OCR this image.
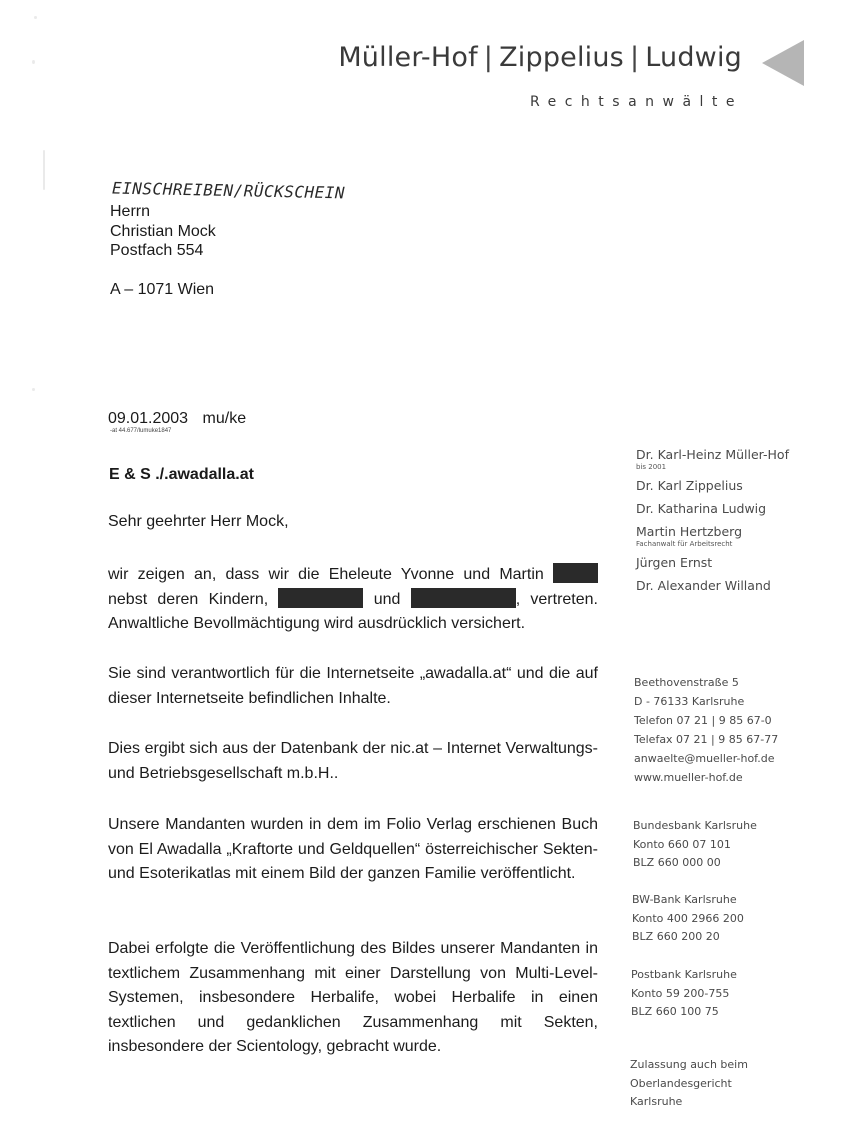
Müller-Hof | Zippelius | Ludwig
Rechtsanwälte
EINSCHREIBEN/RÜCKSCHEIN
Herrn
Christian Mock
Postfach 554
A – 1071 Wien
09.01.2003 mu/ke
-at 44.677/lumuke1847
E & S ./.awadalla.at
Sehr geehrter Herr Mock,

wir zeigen an, dass wir die Eheleute Yvonne und Martin

nebst deren Kindern,	und	, vertreten.

Anwaltliche Bevollmächtigung wird ausdrücklich versichert.

Sie sind verantwortlich für die Internetseite „awadalla.at“ und die auf dieser Internetseite befindlichen Inhalte.

Dies ergibt sich aus der Datenbank der nic.at – Internet Verwaltungs- und Betriebsgesellschaft m.b.H..

Unsere Mandanten wurden in dem im Folio Verlag erschienen Buch von El Awadalla „Kraftorte und Geldquellen“ österreichischer Sekten- und Esoterikatlas mit einem Bild der ganzen Familie veröffentlicht.

Dabei erfolgte die Veröffentlichung des Bildes unserer Mandanten in textlichem Zusammenhang mit einer Darstellung von Multi-Level-Systemen, insbesondere Herbalife, wobei Herbalife in einen textlichen und gedanklichen Zusammenhang mit Sekten, insbesondere der Scientology, gebracht wurde.

Dr. Karl-Heinz Müller-Hof
bis 2001
Dr. Karl Zippelius
Dr. Katharina Ludwig
Martin Hertzberg
Fachanwalt für Arbeitsrecht
Jürgen Ernst
Dr. Alexander Willand
Beethovenstraße 5
D - 76133 Karlsruhe
Telefon 07 21 | 9 85 67-0
Telefax 07 21 | 9 85 67-77
anwaelte@mueller-hof.de
www.mueller-hof.de
Bundesbank Karlsruhe
Konto 660 07 101
BLZ 660 000 00
BW-Bank Karlsruhe
Konto 400 2966 200
BLZ 660 200 20
Postbank Karlsruhe
Konto 59 200-755
BLZ 660 100 75
Zulassung auch beim
Oberlandesgericht
Karlsruhe
